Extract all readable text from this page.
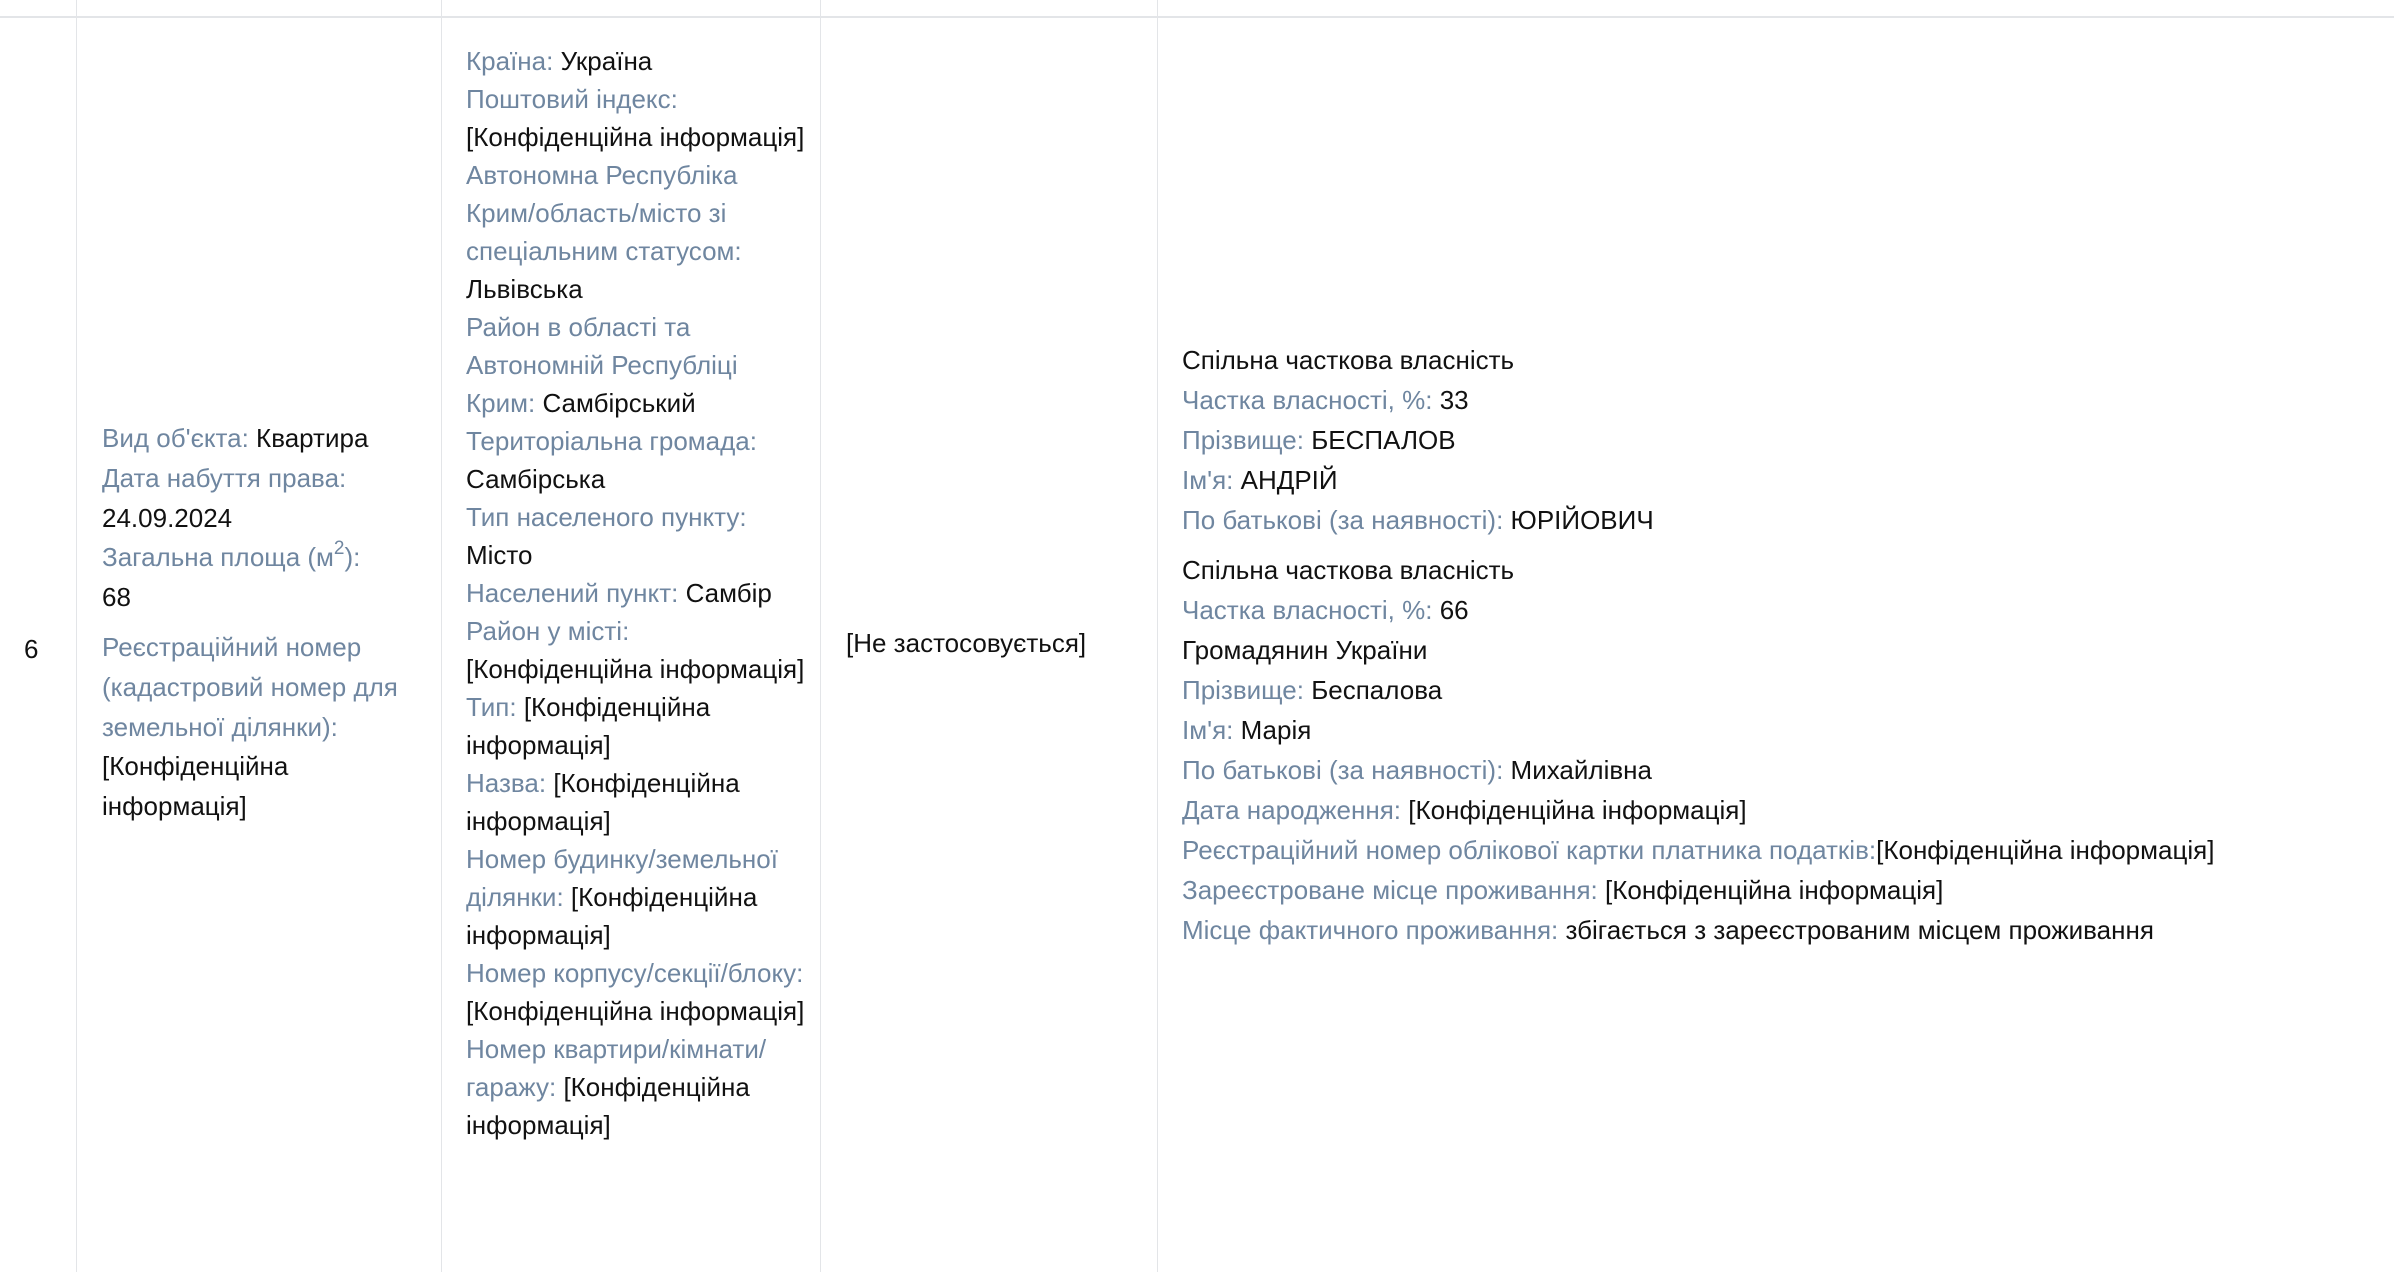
6
Вид об'єкта: Квартира
Дата набуття права:
24.09.2024
Загальна площа $(м^2)$:
68
Реєстраційний номер (кадастровий номер для земельної ділянки):
[Конфіденційна інформація]
Країна: Україна
Поштовий індекс: [Конфіденційна інформація]
Автономна Республіка Крим/область/місто зі спеціальним статусом: Львівська
Район в області та Автономній Республіці Крим: Самбірський
Територіальна громада: Самбірська
Тип населеного пункту: Місто
Населений пункт: Самбір
Район у місті: [Конфіденційна інформація]
Тип: [Конфіденційна інформація]
Назва: [Конфіденційна інформація]
Номер будинку/земельної ділянки: [Конфіденційна інформація]
Номер корпусу/секції/блоку: [Конфіденційна інформація]
Номер квартири/кімнати/гаражу: [Конфіденційна інформація]
[Не застосовується]
Спільна часткова власність
Частка власності, %: 33
Прізвище: БЕСПАЛОВ
Ім'я: АНДРІЙ
По батькові (за наявності): ЮРІЙОВИЧ
Спільна часткова власність
Частка власності, %: 66
Громадянин України
Прізвище: Беспалова
Ім'я: Марія
По батькові (за наявності): Михайлівна
Дата народження: [Конфіденційна інформація]
Реєстраційний номер облікової картки платника податків:[Конфіденційна інформація]
Зареєстроване місце проживання: [Конфіденційна інформація]
Місце фактичного проживання: збігається з зареєстрованим місцем проживання
